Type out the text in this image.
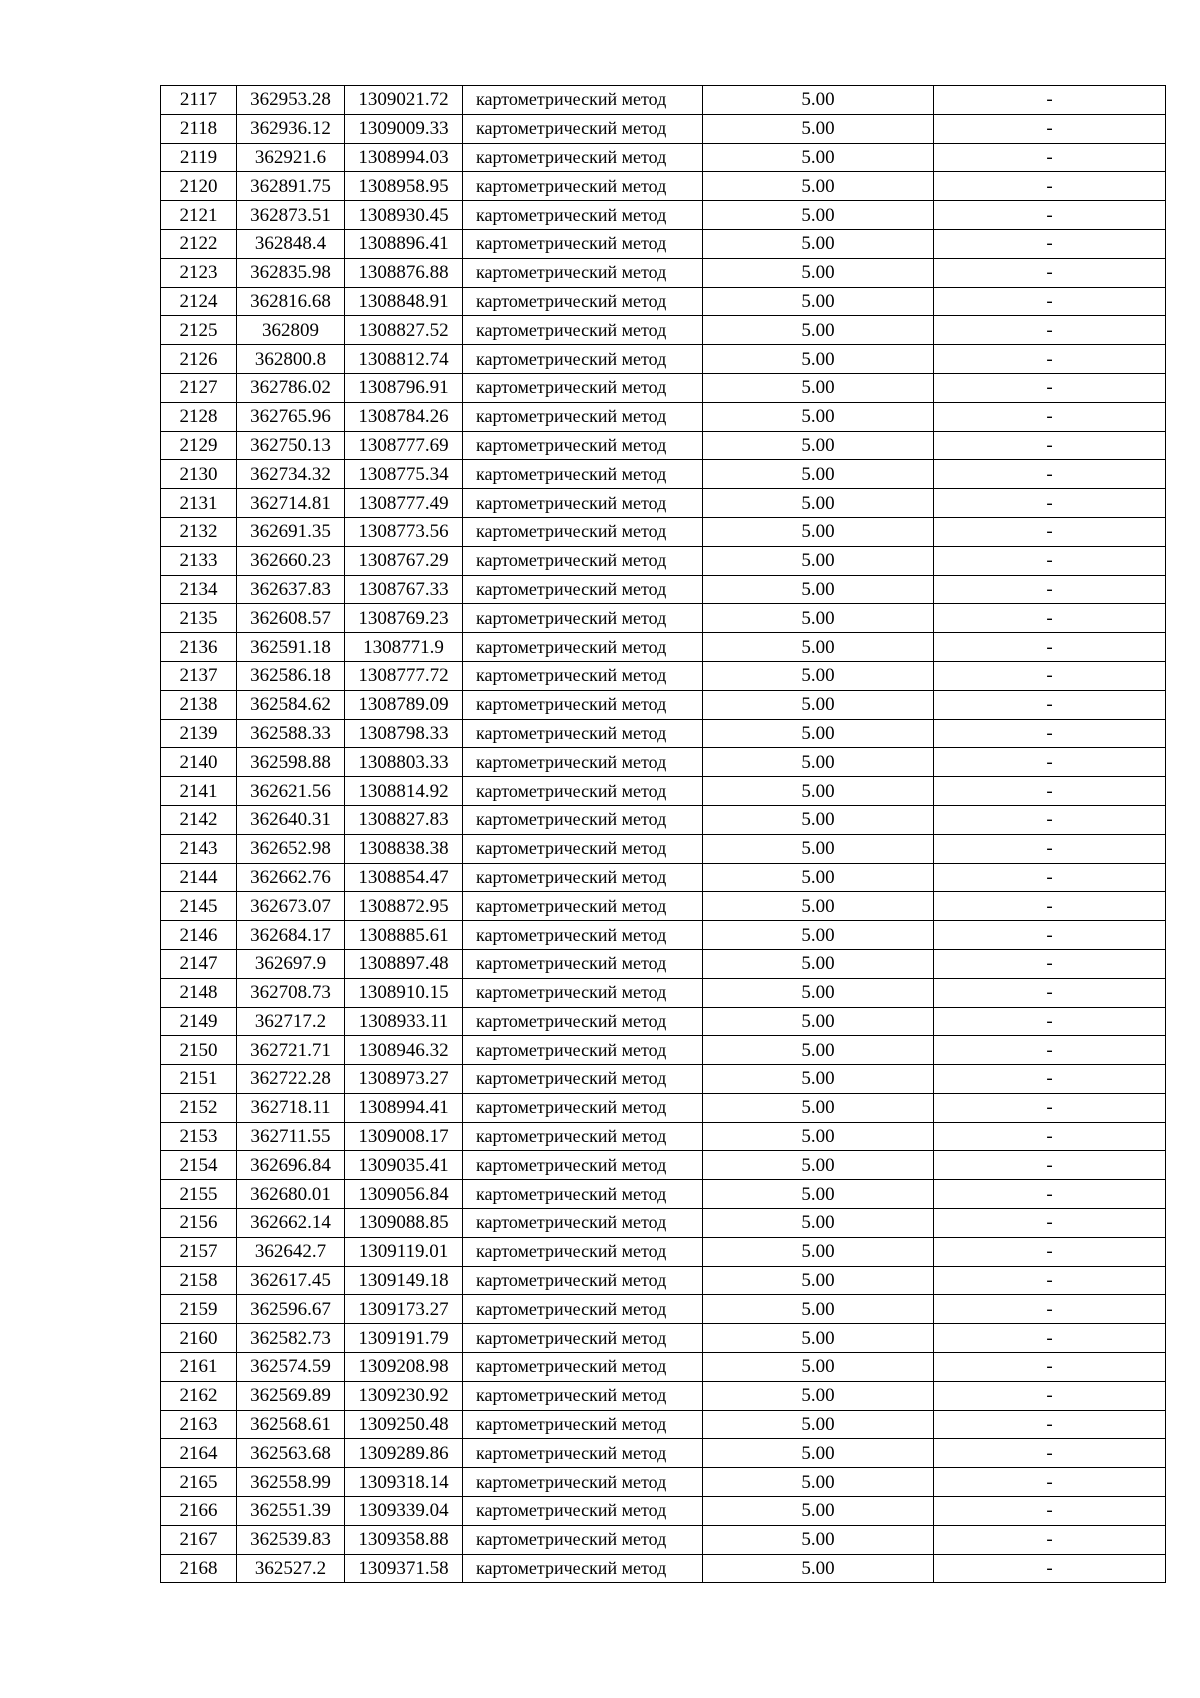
2117	362953.28	1309021.72	картометрический метод	5.00	-
2118	362936.12	1309009.33	картометрический метод	5.00	-
2119	362921.6	1308994.03	картометрический метод	5.00	-
2120	362891.75	1308958.95	картометрический метод	5.00	-
2121	362873.51	1308930.45	картометрический метод	5.00	-
2122	362848.4	1308896.41	картометрический метод	5.00	-
2123	362835.98	1308876.88	картометрический метод	5.00	-
2124	362816.68	1308848.91	картометрический метод	5.00	-
2125	362809	1308827.52	картометрический метод	5.00	-
2126	362800.8	1308812.74	картометрический метод	5.00	-
2127	362786.02	1308796.91	картометрический метод	5.00	-
2128	362765.96	1308784.26	картометрический метод	5.00	-
2129	362750.13	1308777.69	картометрический метод	5.00	-
2130	362734.32	1308775.34	картометрический метод	5.00	-
2131	362714.81	1308777.49	картометрический метод	5.00	-
2132	362691.35	1308773.56	картометрический метод	5.00	-
2133	362660.23	1308767.29	картометрический метод	5.00	-
2134	362637.83	1308767.33	картометрический метод	5.00	-
2135	362608.57	1308769.23	картометрический метод	5.00	-
2136	362591.18	1308771.9	картометрический метод	5.00	-
2137	362586.18	1308777.72	картометрический метод	5.00	-
2138	362584.62	1308789.09	картометрический метод	5.00	-
2139	362588.33	1308798.33	картометрический метод	5.00	-
2140	362598.88	1308803.33	картометрический метод	5.00	-
2141	362621.56	1308814.92	картометрический метод	5.00	-
2142	362640.31	1308827.83	картометрический метод	5.00	-
2143	362652.98	1308838.38	картометрический метод	5.00	-
2144	362662.76	1308854.47	картометрический метод	5.00	-
2145	362673.07	1308872.95	картометрический метод	5.00	-
2146	362684.17	1308885.61	картометрический метод	5.00	-
2147	362697.9	1308897.48	картометрический метод	5.00	-
2148	362708.73	1308910.15	картометрический метод	5.00	-
2149	362717.2	1308933.11	картометрический метод	5.00	-
2150	362721.71	1308946.32	картометрический метод	5.00	-
2151	362722.28	1308973.27	картометрический метод	5.00	-
2152	362718.11	1308994.41	картометрический метод	5.00	-
2153	362711.55	1309008.17	картометрический метод	5.00	-
2154	362696.84	1309035.41	картометрический метод	5.00	-
2155	362680.01	1309056.84	картометрический метод	5.00	-
2156	362662.14	1309088.85	картометрический метод	5.00	-
2157	362642.7	1309119.01	картометрический метод	5.00	-
2158	362617.45	1309149.18	картометрический метод	5.00	-
2159	362596.67	1309173.27	картометрический метод	5.00	-
2160	362582.73	1309191.79	картометрический метод	5.00	-
2161	362574.59	1309208.98	картометрический метод	5.00	-
2162	362569.89	1309230.92	картометрический метод	5.00	-
2163	362568.61	1309250.48	картометрический метод	5.00	-
2164	362563.68	1309289.86	картометрический метод	5.00	-
2165	362558.99	1309318.14	картометрический метод	5.00	-
2166	362551.39	1309339.04	картометрический метод	5.00	-
2167	362539.83	1309358.88	картометрический метод	5.00	-
2168	362527.2	1309371.58	картометрический метод	5.00	-
